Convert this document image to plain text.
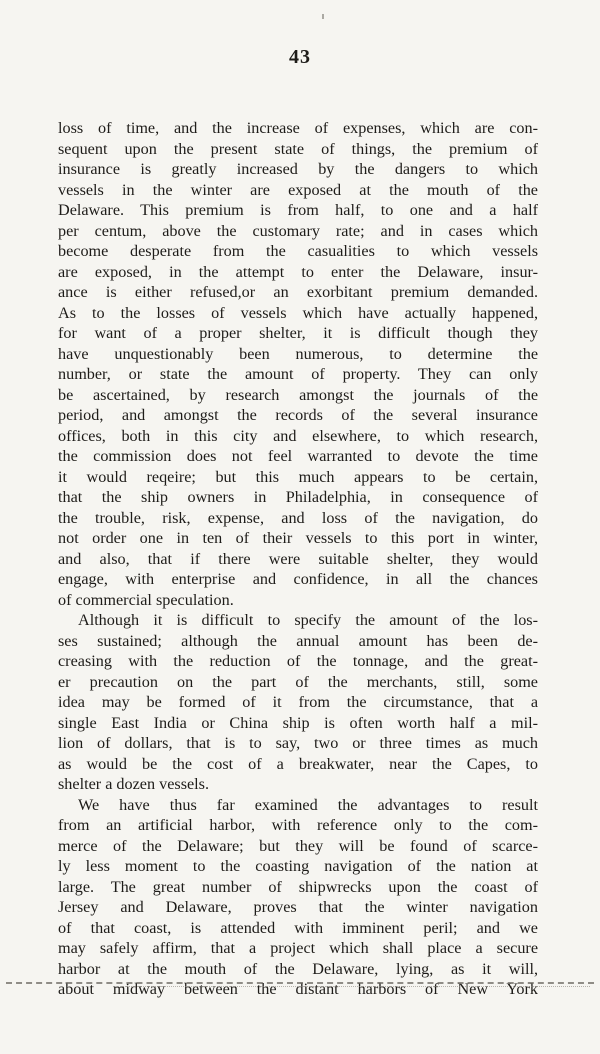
43
loss of time, and the increase of expenses, which are con-
sequent upon the present state of things, the premium of
insurance is greatly increased by the dangers to which
vessels in the winter are exposed at the mouth of the
Delaware. This premium is from half, to one and a half
per centum, above the customary rate; and in cases which
become desperate from the casualities to which vessels
are exposed, in the attempt to enter the Delaware, insur-
ance is either refused,or an exorbitant premium demanded.
As to the losses of vessels which have actually happened,
for want of a proper shelter, it is difficult though they
have unquestionably been numerous, to determine the
number, or state the amount of property. They can only
be ascertained, by research amongst the journals of the
period, and amongst the records of the several insurance
offices, both in this city and elsewhere, to which research,
the commission does not feel warranted to devote the time
it would reqeire; but this much appears to be certain,
that the ship owners in Philadelphia, in consequence of
the trouble, risk, expense, and loss of the navigation, do
not order one in ten of their vessels to this port in winter,
and also, that if there were suitable shelter, they would
engage, with enterprise and confidence, in all the chances
of commercial speculation.
Although it is difficult to specify the amount of the los-
ses sustained; although the annual amount has been de-
creasing with the reduction of the tonnage, and the great-
er precaution on the part of the merchants, still, some
idea may be formed of it from the circumstance, that a
single East India or China ship is often worth half a mil-
lion of dollars, that is to say, two or three times as much
as would be the cost of a breakwater, near the Capes, to
shelter a dozen vessels.
We have thus far examined the advantages to result
from an artificial harbor, with reference only to the com-
merce of the Delaware; but they will be found of scarce-
ly less moment to the coasting navigation of the nation at
large. The great number of shipwrecks upon the coast of
Jersey and Delaware, proves that the winter navigation
of that coast, is attended with imminent peril; and we
may safely affirm, that a project which shall place a secure
harbor at the mouth of the Delaware, lying, as it will,
about midway between the distant harbors of New York
